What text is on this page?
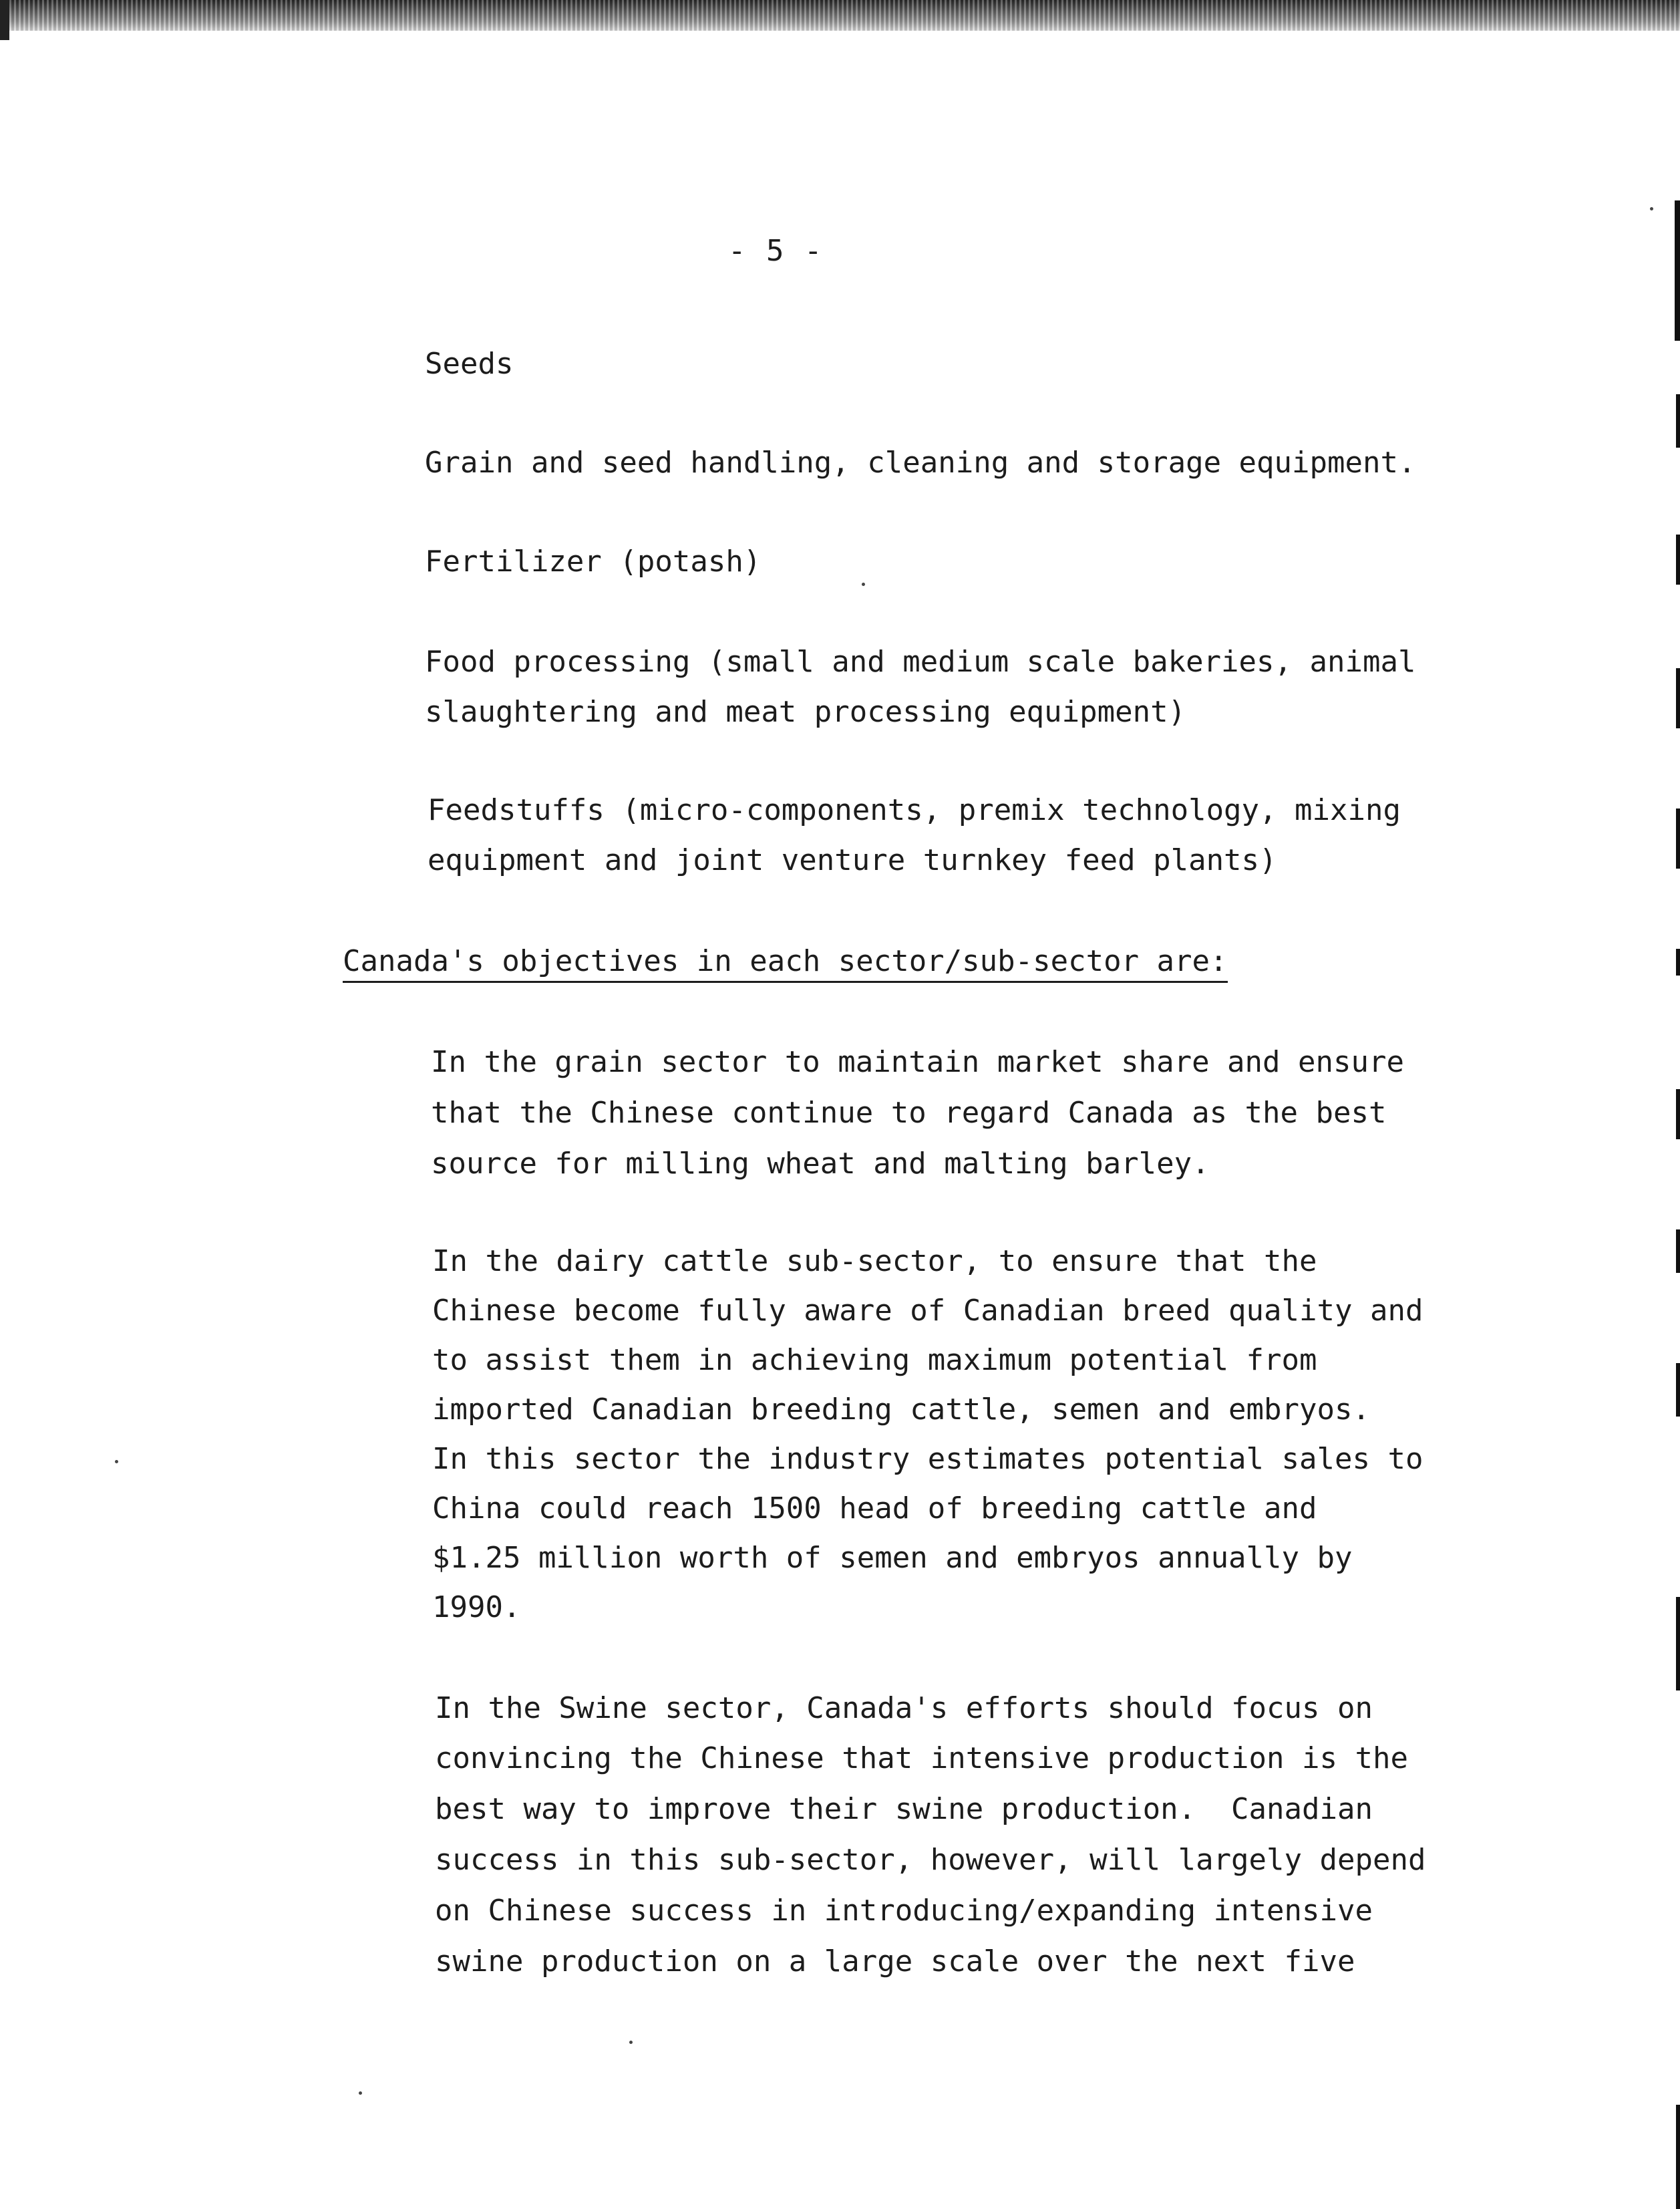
- 5 -
Seeds
Grain and seed handling, cleaning and storage equipment.
Fertilizer (potash)
Food processing (small and medium scale bakeries, animal
slaughtering and meat processing equipment)
Feedstuffs (micro-components, premix technology, mixing
equipment and joint venture turnkey feed plants)
Canada's objectives in each sector/sub-sector are:
In the grain sector to maintain market share and ensure
that the Chinese continue to regard Canada as the best
source for milling wheat and malting barley.
In the dairy cattle sub-sector, to ensure that the
Chinese become fully aware of Canadian breed quality and
to assist them in achieving maximum potential from
imported Canadian breeding cattle, semen and embryos.
In this sector the industry estimates potential sales to
China could reach 1500 head of breeding cattle and
$1.25 million worth of semen and embryos annually by
1990.
In the Swine sector, Canada's efforts should focus on
convincing the Chinese that intensive production is the
best way to improve their swine production.  Canadian
success in this sub-sector, however, will largely depend
on Chinese success in introducing/expanding intensive
swine production on a large scale over the next five
